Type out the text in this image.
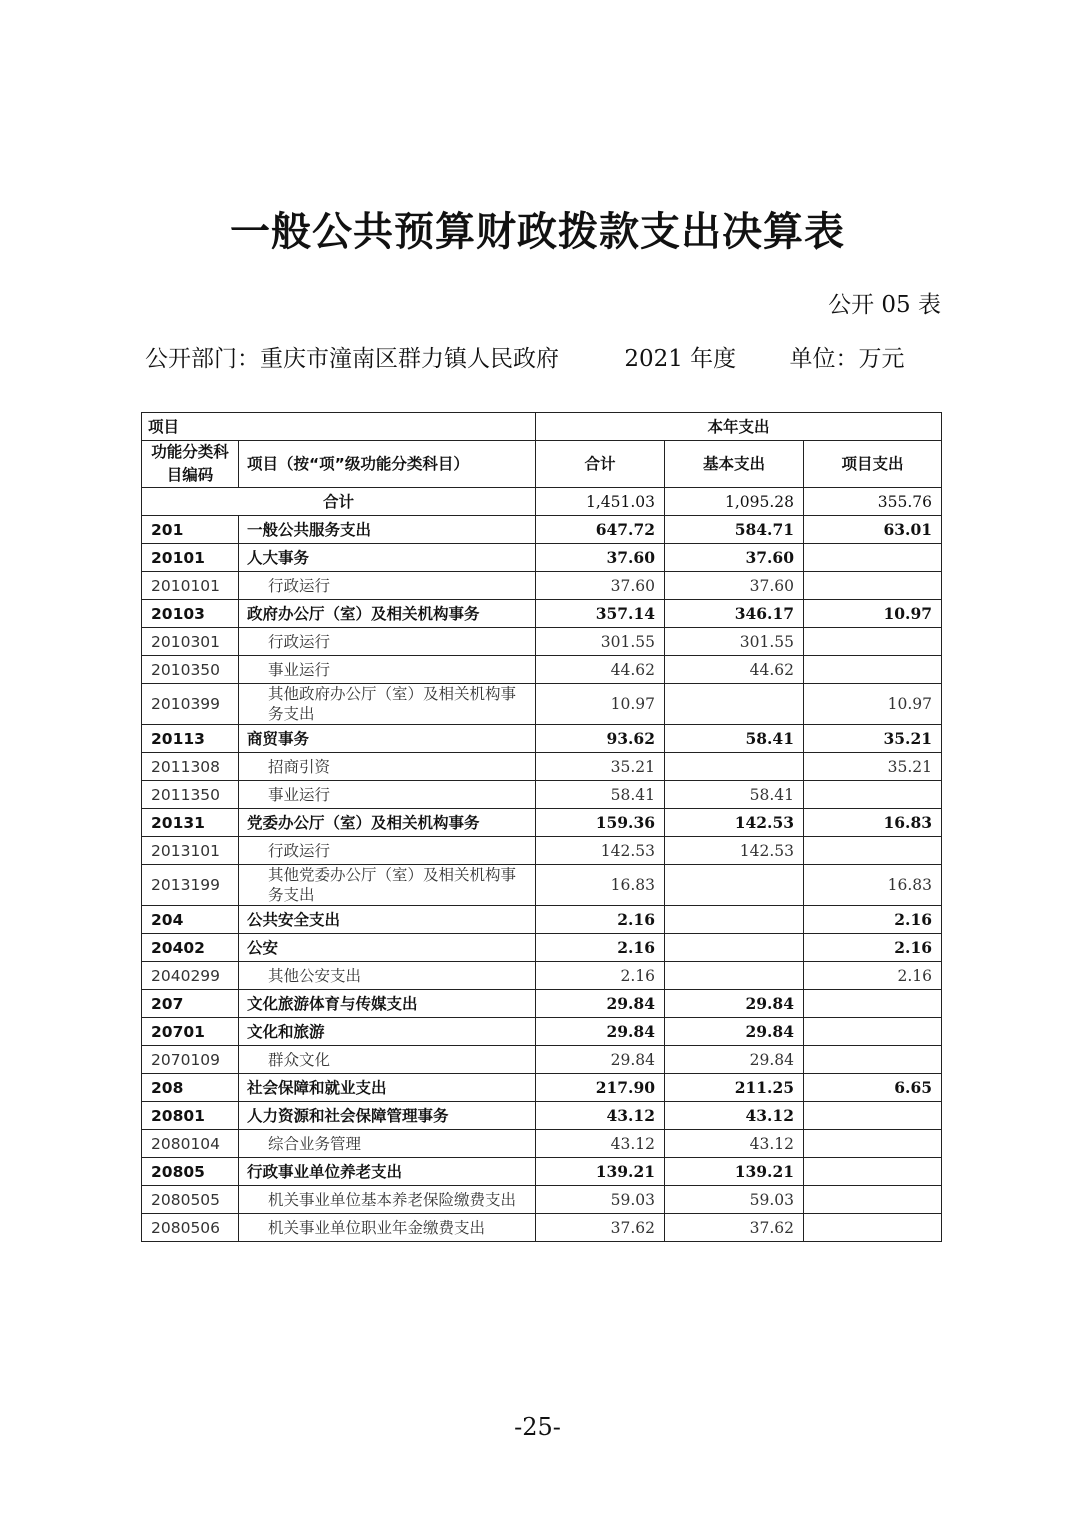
一般公共预算财政拨款支出决算表
公开 05 表
公开部门：重庆市潼南区群力镇人民政府	2021 年度 单位：万元
项目		本年支出		
功能分类科目编码	项目（按“项”级功能分类科目）	合计	基本支出	项目支出
合计		1,451.03	1,095.28	355.76
201	一般公共服务支出	647.72	584.71	63.01
20101	人大事务	37.60	37.60	
2010101	行政运行	37.60	37.60	
20103	政府办公厅（室）及相关机构事务	357.14	346.17	10.97
2010301	行政运行	301.55	301.55	
2010350	事业运行	44.62	44.62	
2010399	其他政府办公厅（室）及相关机构事务支出	10.97		10.97
20113	商贸事务	93.62	58.41	35.21
2011308	招商引资	35.21		35.21
2011350	事业运行	58.41	58.41	
20131	党委办公厅（室）及相关机构事务	159.36	142.53	16.83
2013101	行政运行	142.53	142.53	
2013199	其他党委办公厅（室）及相关机构事务支出	16.83		16.83
204	公共安全支出	2.16		2.16
20402	公安	2.16		2.16
2040299	其他公安支出	2.16		2.16
207	文化旅游体育与传媒支出	29.84	29.84	
20701	文化和旅游	29.84	29.84	
2070109	群众文化	29.84	29.84	
208	社会保障和就业支出	217.90	211.25	6.65
20801	人力资源和社会保障管理事务	43.12	43.12	
2080104	综合业务管理	43.12	43.12	
20805	行政事业单位养老支出	139.21	139.21	
2080505	机关事业单位基本养老保险缴费支出	59.03	59.03	
2080506	机关事业单位职业年金缴费支出	37.62	37.62	
-25-
